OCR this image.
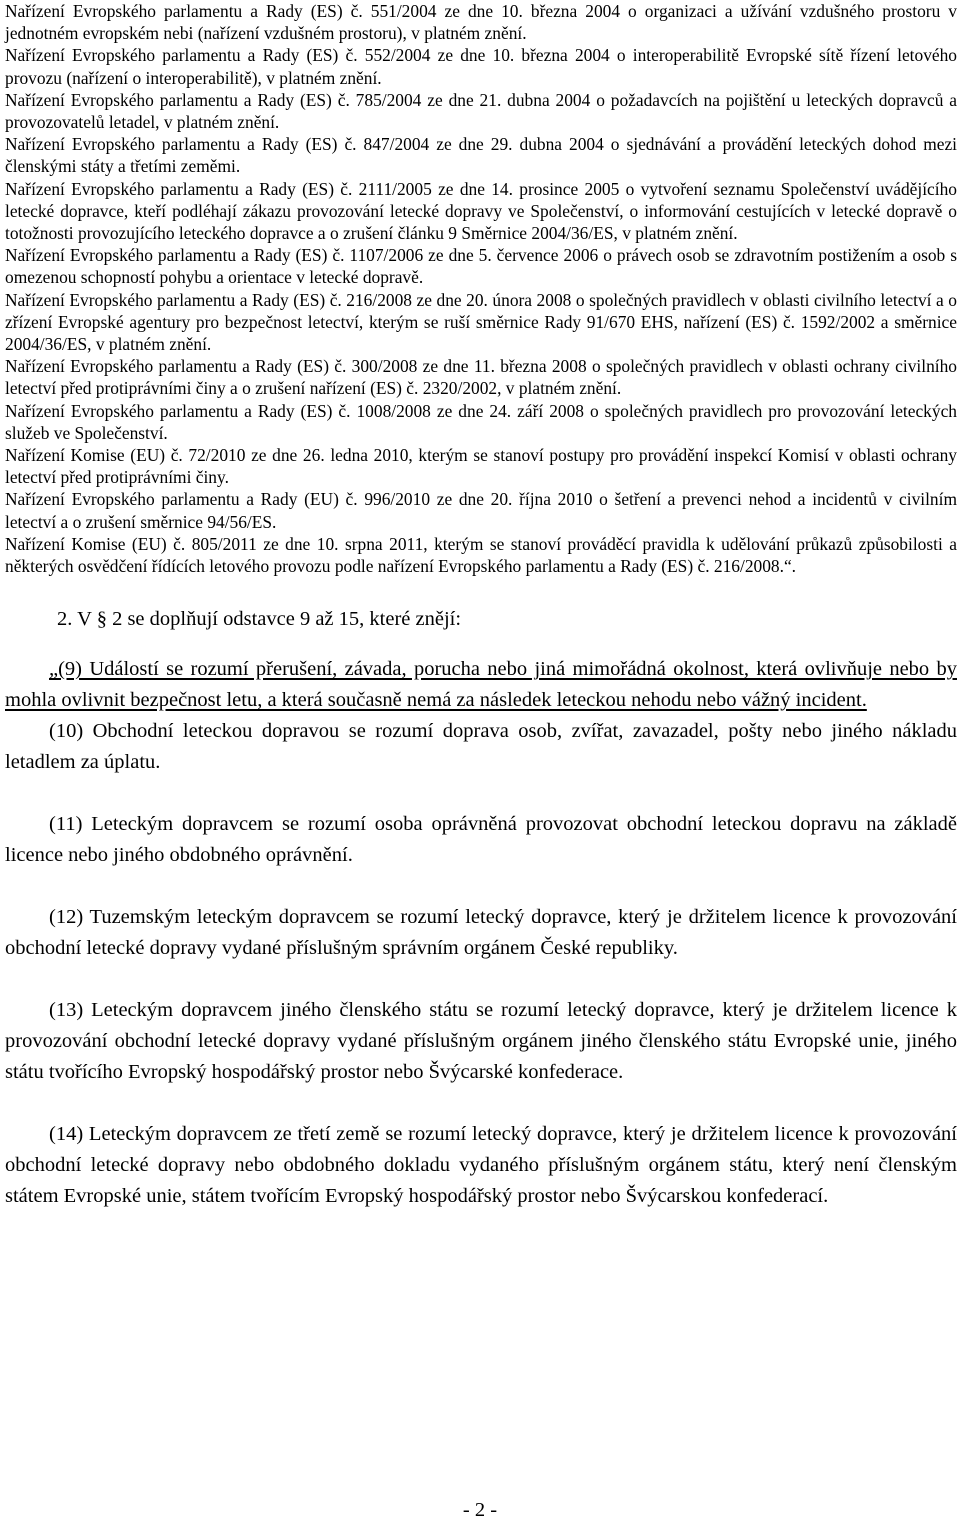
Nařízení Evropského parlamentu a Rady (ES) č. 551/2004 ze dne 10. března 2004 o organizaci a užívání vzdušného prostoru v jednotném evropském nebi (nařízení vzdušném prostoru), v platném znění.

Nařízení Evropského parlamentu a Rady (ES) č. 552/2004 ze dne 10. března 2004 o interoperabilitě Evropské sítě řízení letového provozu (nařízení o interoperabilitě), v platném znění.

Nařízení Evropského parlamentu a Rady (ES) č. 785/2004 ze dne 21. dubna 2004 o požadavcích na pojištění u leteckých dopravců a provozovatelů letadel, v platném znění.

Nařízení Evropského parlamentu a Rady (ES) č. 847/2004 ze dne 29. dubna 2004 o sjednávání a provádění leteckých dohod mezi členskými státy a třetími zeměmi.

Nařízení Evropského parlamentu a Rady (ES) č. 2111/2005 ze dne 14. prosince 2005 o vytvoření seznamu Společenství uvádějícího letecké dopravce, kteří podléhají zákazu provozování letecké dopravy ve Společenství, o informování cestujících v letecké dopravě o totožnosti provozujícího leteckého dopravce a o zrušení článku 9 Směrnice 2004/36/ES, v platném znění.

Nařízení Evropského parlamentu a Rady (ES) č. 1107/2006 ze dne 5. července 2006 o právech osob se zdravotním postižením a osob s omezenou schopností pohybu a orientace v letecké dopravě.

Nařízení Evropského parlamentu a Rady (ES) č. 216/2008 ze dne 20. února 2008 o společných pravidlech v oblasti civilního letectví a o zřízení Evropské agentury pro bezpečnost letectví, kterým se ruší směrnice Rady 91/670 EHS, nařízení (ES) č. 1592/2002 a směrnice 2004/36/ES, v platném znění.

Nařízení Evropského parlamentu a Rady (ES) č. 300/2008 ze dne 11. března 2008 o společných pravidlech v oblasti ochrany civilního letectví před protiprávními činy a o zrušení nařízení (ES) č. 2320/2002, v platném znění.

Nařízení Evropského parlamentu a Rady (ES) č. 1008/2008 ze dne 24. září 2008 o společných pravidlech pro provozování leteckých služeb ve Společenství.

Nařízení Komise (EU) č. 72/2010 ze dne 26. ledna 2010, kterým se stanoví postupy pro provádění inspekcí Komisí v oblasti ochrany letectví před protiprávními činy.

Nařízení Evropského parlamentu a Rady (EU) č. 996/2010 ze dne 20. října 2010 o šetření a prevenci nehod a incidentů v civilním letectví a o zrušení směrnice 94/56/ES.

Nařízení Komise (EU) č. 805/2011 ze dne 10. srpna 2011, kterým se stanoví prováděcí pravidla k udělování průkazů způsobilosti a některých osvědčení řídících letového provozu podle nařízení Evropského parlamentu a Rady (ES) č. 216/2008.“.

2. V § 2 se doplňují odstavce 9 až 15, které znějí:

„(9) Událostí se rozumí přerušení, závada, porucha nebo jiná mimořádná okolnost, která ovlivňuje nebo by mohla ovlivnit bezpečnost letu, a která současně nemá za následek leteckou nehodu nebo vážný incident.

(10) Obchodní leteckou dopravou se rozumí doprava osob, zvířat, zavazadel, pošty nebo jiného nákladu letadlem za úplatu.

(11) Leteckým dopravcem se rozumí osoba oprávněná provozovat obchodní leteckou dopravu na základě licence nebo jiného obdobného oprávnění.

(12) Tuzemským leteckým dopravcem se rozumí letecký dopravce, který je držitelem licence k provozování obchodní letecké dopravy vydané příslušným správním orgánem České republiky.

(13) Leteckým dopravcem jiného členského státu se rozumí letecký dopravce, který je držitelem licence k provozování obchodní letecké dopravy vydané příslušným orgánem jiného členského státu Evropské unie, jiného státu tvořícího Evropský hospodářský prostor nebo Švýcarské konfederace.

(14) Leteckým dopravcem ze třetí země se rozumí letecký dopravce, který je držitelem licence k provozování obchodní letecké dopravy nebo obdobného dokladu vydaného příslušným orgánem státu, který není členským státem Evropské unie, státem tvořícím Evropský hospodářský prostor nebo Švýcarskou konfederací.

- 2 -
